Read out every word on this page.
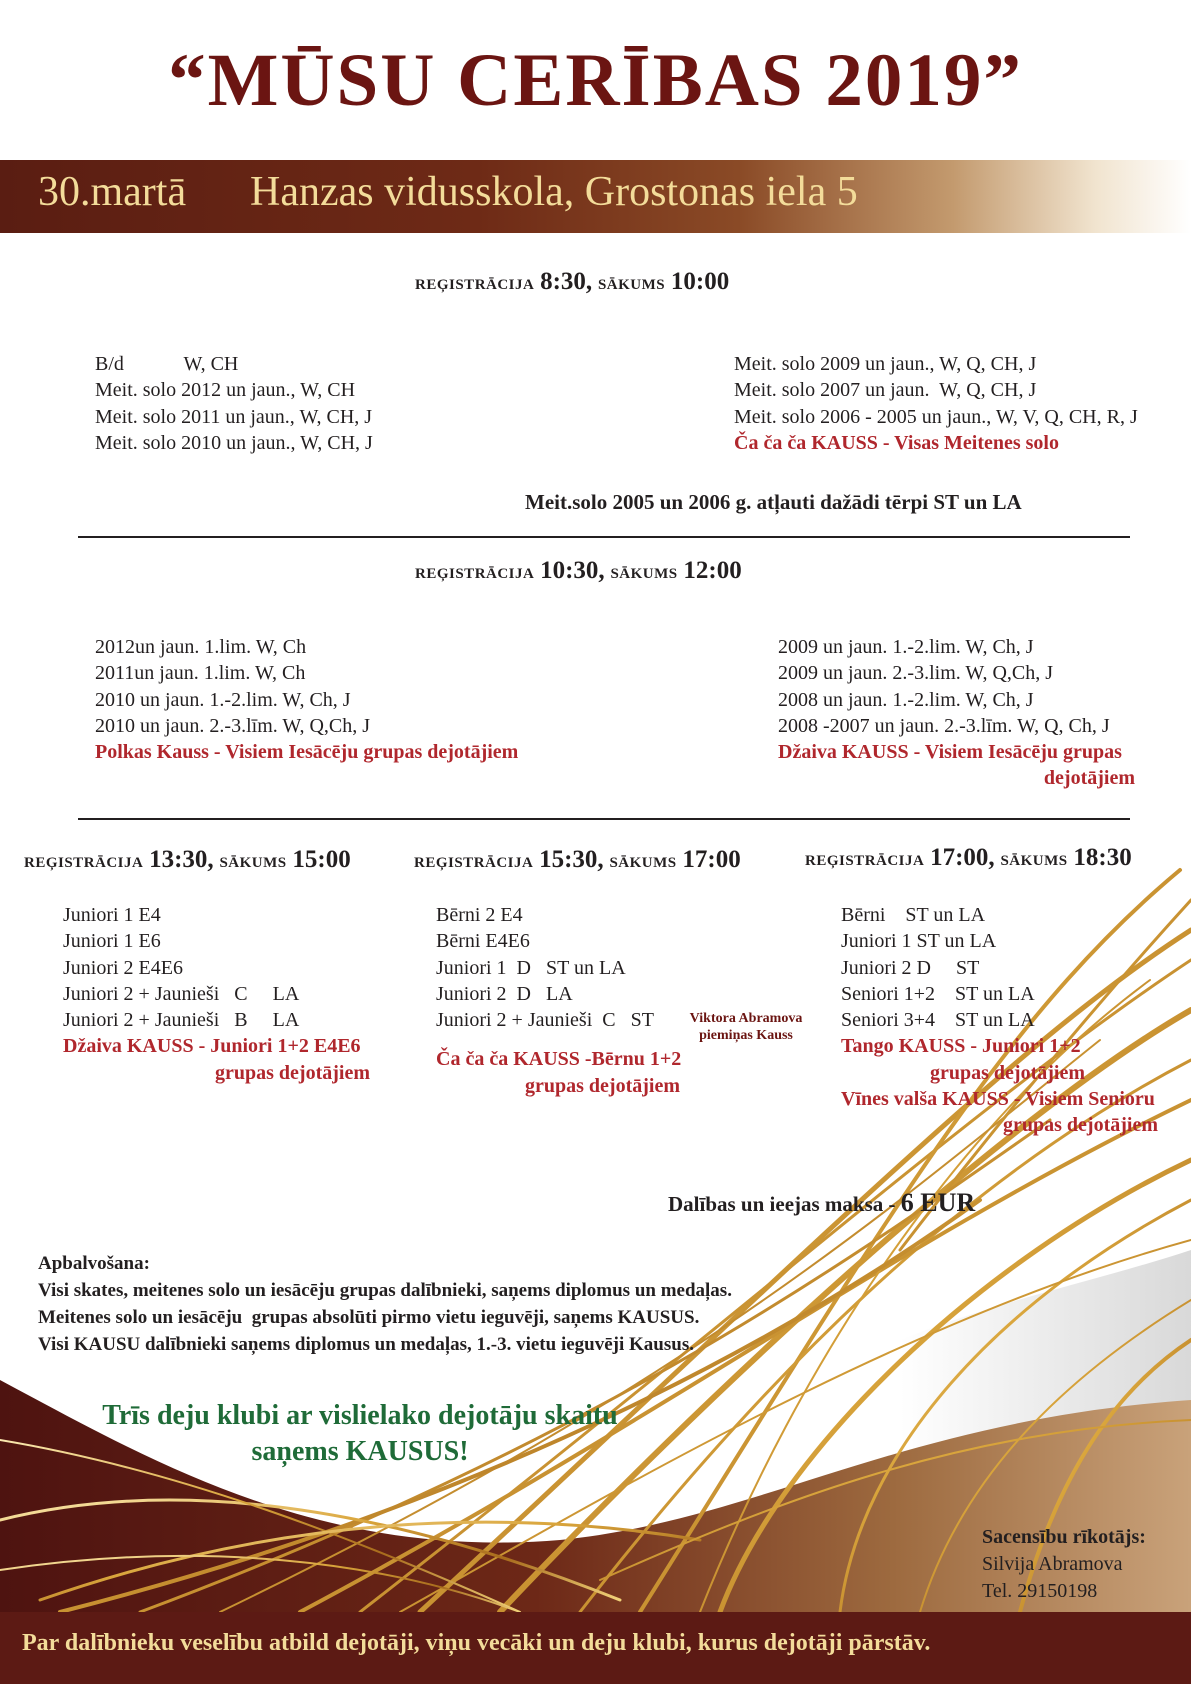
“MŪSU CERĪBAS 2019”
30.martā Hanzas vidusskola, Grostonas iela 5
REĢISTRĀCIJA 8:30, SĀKUMS 10:00
B/d            W, CH
Meit. solo 2012 un jaun., W, CH
Meit. solo 2011 un jaun., W, CH, J
Meit. solo 2010 un jaun., W, CH, J
Meit. solo 2009 un jaun., W, Q, CH, J
Meit. solo 2007 un jaun.  W, Q, CH, J
Meit. solo 2006 - 2005 un jaun., W, V, Q, CH, R, J
Ča ča ča KAUSS - Visas Meitenes solo
Meit.solo 2005 un 2006 g. atļauti dažādi tērpi ST un LA
REĢISTRĀCIJA 10:30, SĀKUMS 12:00
2012un jaun. 1.lim. W, Ch
2011un jaun. 1.lim. W, Ch
2010 un jaun. 1.-2.lim. W, Ch, J
2010 un jaun. 2.-3.līm. W, Q,Ch, J
Polkas Kauss - Visiem Iesācēju grupas dejotājiem
2009 un jaun. 1.-2.lim. W, Ch, J
2009 un jaun. 2.-3.lim. W, Q,Ch, J
2008 un jaun. 1.-2.lim. W, Ch, J
2008 -2007 un jaun. 2.-3.līm. W, Q, Ch, J
Džaiva KAUSS - Visiem Iesācēju grupas
dejotājiem
REĢISTRĀCIJA 13:30, SĀKUMS 15:00
Juniori 1 E4
Juniori 1 E6
Juniori 2 E4E6
Juniori 2 + Jaunieši   C     LA
Juniori 2 + Jaunieši   B     LA
Džaiva KAUSS - Juniori 1+2 E4E6
grupas dejotājiem
REĢISTRĀCIJA 15:30, SĀKUMS 17:00
Bērni 2 E4
Bērni E4E6
Juniori 1  D   ST un LA
Juniori 2  D   LA
Juniori 2 + Jaunieši  C   ST
Ča ča ča KAUSS -Bērnu 1+2
grupas dejotājiem
Viktora Abramova
piemiņas Kauss
REĢISTRĀCIJA 17:00, SĀKUMS 18:30
Bērni    ST un LA
Juniori 1 ST un LA
Juniori 2 D     ST
Seniori 1+2    ST un LA
Seniori 3+4    ST un LA
Tango KAUSS - Juniori 1+2
grupas dejotājiem
Vīnes valša KAUSS - Visiem Senioru
grupas dejotājiem
Dalības un ieejas maksa - 6 EUR
Apbalvošana:
Visi skates, meitenes solo un iesācēju grupas dalībnieki, saņems diplomus un medaļas.
Meitenes solo un iesācēju  grupas absolūti pirmo vietu ieguvēji, saņems KAUSUS.
Visi KAUSU dalībnieki saņems diplomus un medaļas, 1.-3. vietu ieguvēji Kausus.
Trīs deju klubi ar vislielako dejotāju skaitu
saņems KAUSUS!
Sacensību rīkotājs:
Silvija Abramova
Tel. 29150198
Par dalībnieku veselību atbild dejotāji, viņu vecāki un deju klubi, kurus dejotāji pārstāv.
